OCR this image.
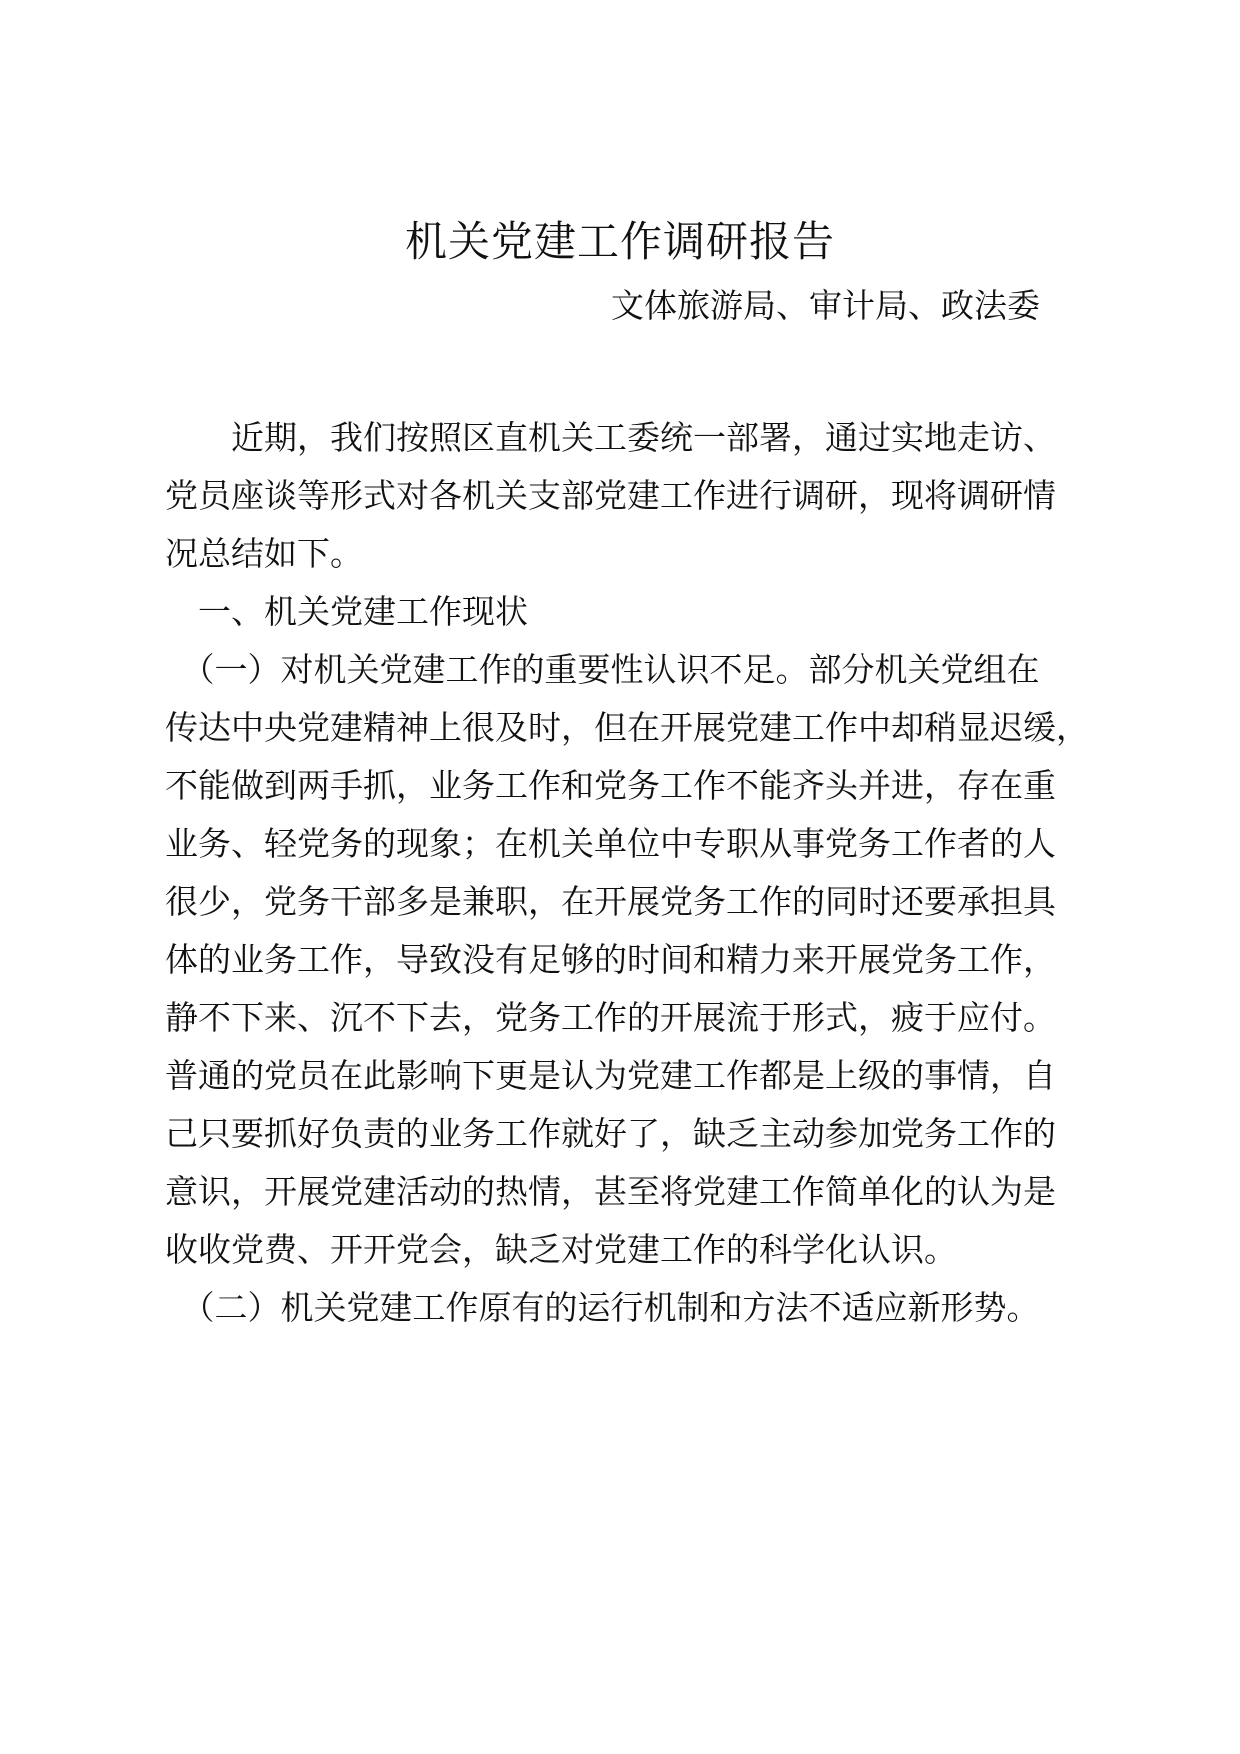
机关党建工作调研报告
文体旅游局、审计局、政法委
　　近期，我们按照区直机关工委统一部署，通过实地走访、
党员座谈等形式对各机关支部党建工作进行调研，现将调研情
况总结如下。
　一、机关党建工作现状
　（一）对机关党建工作的重要性认识不足。部分机关党组在
传达中央党建精神上很及时，但在开展党建工作中却稍显迟缓，
不能做到两手抓，业务工作和党务工作不能齐头并进，存在重
业务、轻党务的现象；在机关单位中专职从事党务工作者的人
很少，党务干部多是兼职，在开展党务工作的同时还要承担具
体的业务工作，导致没有足够的时间和精力来开展党务工作，
静不下来、沉不下去，党务工作的开展流于形式，疲于应付。
普通的党员在此影响下更是认为党建工作都是上级的事情，自
己只要抓好负责的业务工作就好了，缺乏主动参加党务工作的
意识，开展党建活动的热情，甚至将党建工作简单化的认为是
收收党费、开开党会，缺乏对党建工作的科学化认识。
　（二）机关党建工作原有的运行机制和方法不适应新形势。
